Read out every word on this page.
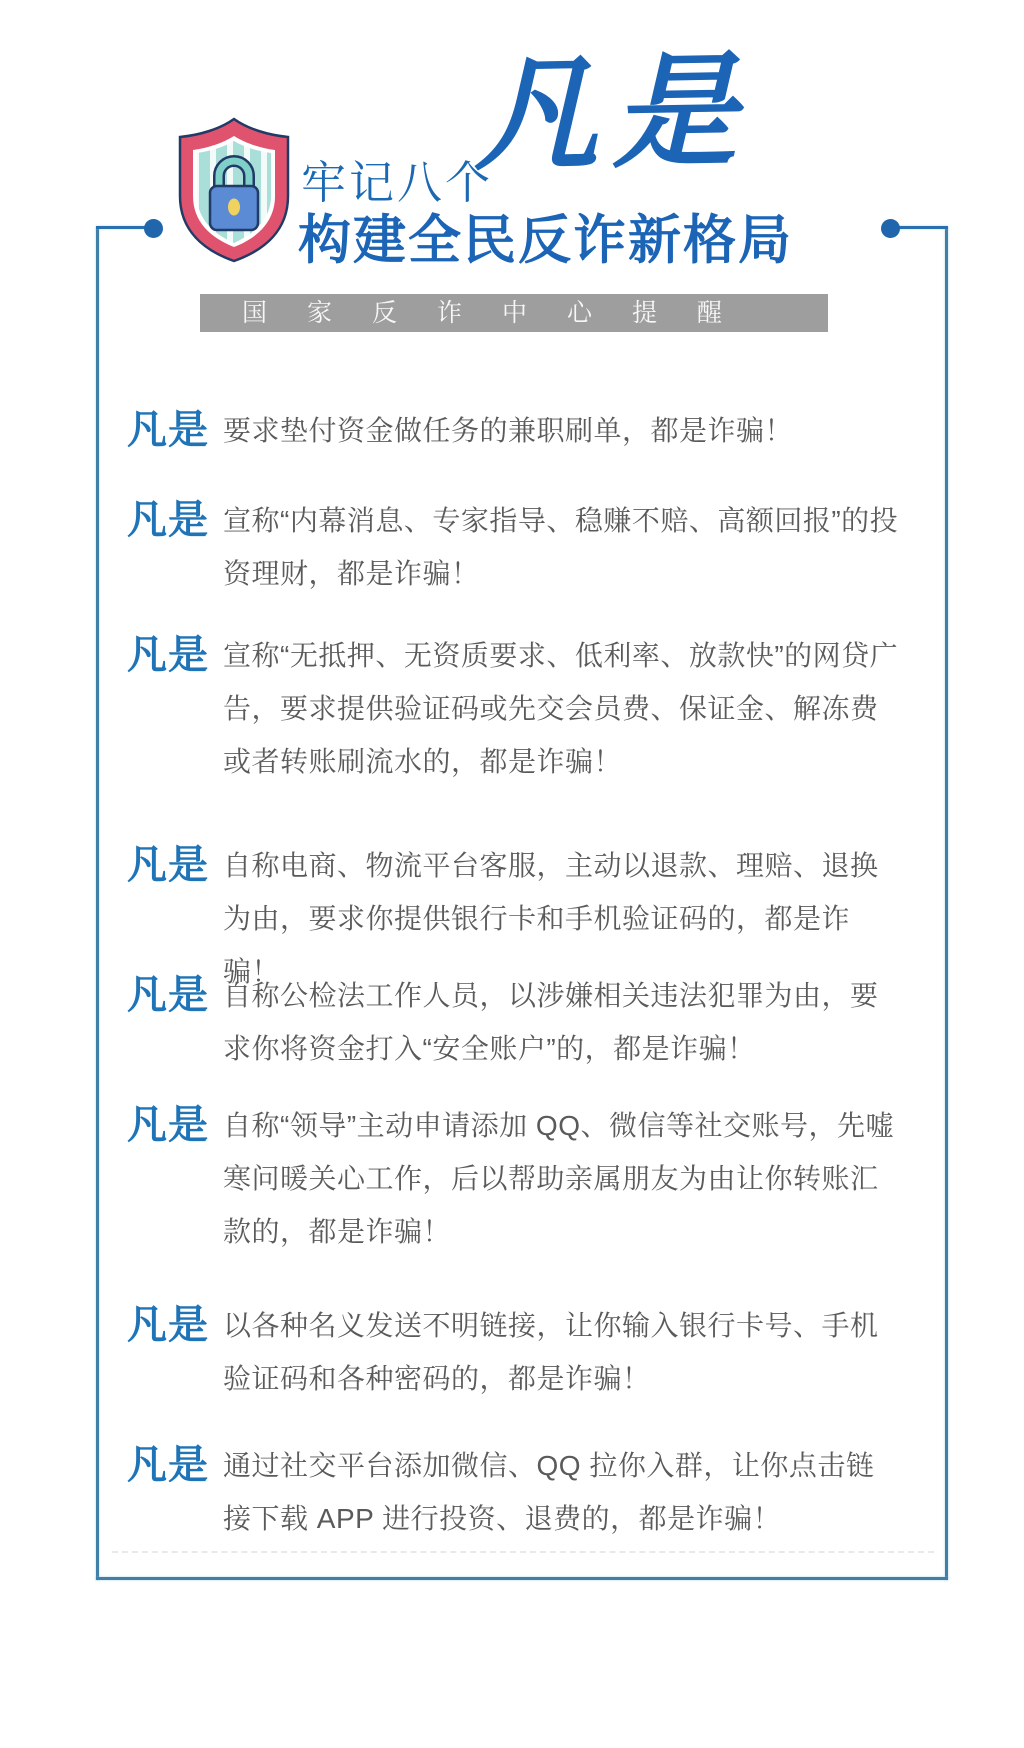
牢记八个
凡是
构建全民反诈新格局
国家反诈中心提醒
凡是 要求垫付资金做任务的兼职刷单，都是诈骗！
凡是 宣称“内幕消息、专家指导、稳赚不赔、高额回报”的投资理财，都是诈骗！
凡是 宣称“无抵押、无资质要求、低利率、放款快”的网贷广告，要求提供验证码或先交会员费、保证金、解冻费或者转账刷流水的，都是诈骗！
凡是 自称电商、物流平台客服，主动以退款、理赔、退换为由，要求你提供银行卡和手机验证码的，都是诈骗！
凡是 自称公检法工作人员，以涉嫌相关违法犯罪为由，要求你将资金打入“安全账户”的，都是诈骗！
凡是 自称“领导”主动申请添加 QQ、微信等社交账号，先嘘寒问暖关心工作，后以帮助亲属朋友为由让你转账汇款的，都是诈骗！
凡是 以各种名义发送不明链接，让你输入银行卡号、手机验证码和各种密码的，都是诈骗！
凡是 通过社交平台添加微信、QQ 拉你入群，让你点击链接下载 APP 进行投资、退费的，都是诈骗！
